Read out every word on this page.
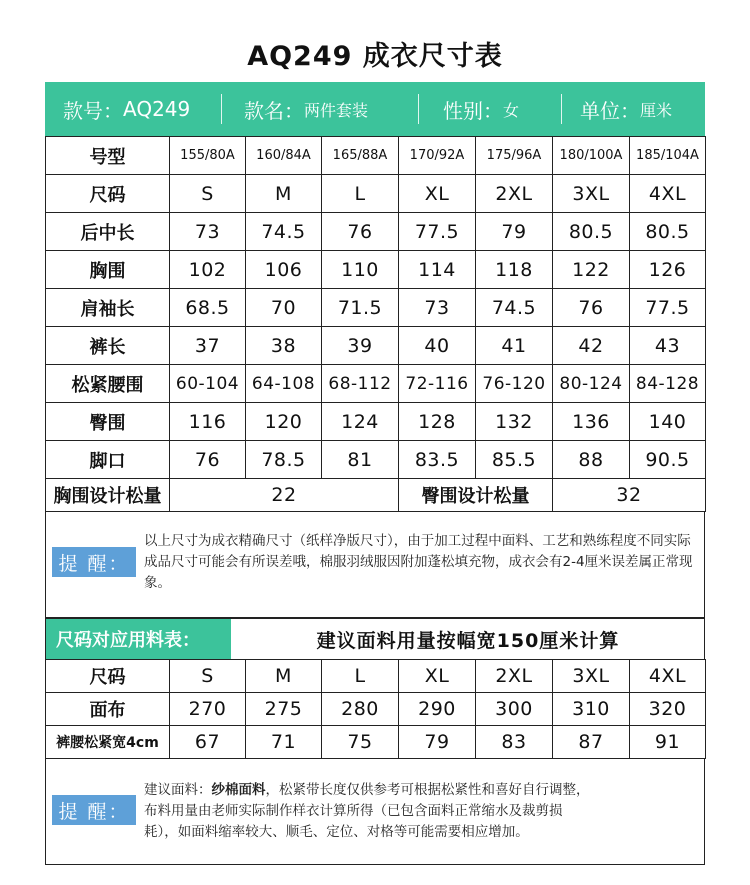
AQ249 成衣尺寸表
款号： AQ249	款名： 两件套装	性别： 女	单位： 厘米
号型	155/80A	160/84A	165/88A	170/92A	175/96A	180/100A	185/104A
尺码	S	M	L	XL	2XL	3XL	4XL
后中长	73	74.5	76	77.5	79	80.5	80.5
胸围	102	106	110	114	118	122	126
肩袖长	68.5	70	71.5	73	74.5	76	77.5
裤长	37	38	39	40	41	42	43
松紧腰围	60-104	64-108	68-112	72-116	76-120	80-124	84-128
臀围	116	120	124	128	132	136	140
脚口	76	78.5	81	83.5	85.5	88	90.5
胸围设计松量	22			臀围设计松量		32	
提 醒：

以上尺寸为成衣精确尺寸（纸样净版尺寸），由于加工过程中面料、工艺和熟练程度不同实际成品尺寸可能会有所误差哦，棉服羽绒服因附加蓬松填充物，成衣会有2-4厘米误差属正常现象。

尺码对应用料表：	建议面料用量按幅宽150厘米计算
尺码	S	M	L	XL	2XL	3XL	4XL
面布	270	275	280	290	300	310	320
裤腰松紧宽4cm	67	71	75	79	83	87	91
提 醒：

建议面料：纱棉面料，松紧带长度仅供参考可根据松紧性和喜好自行调整，
布料用量由老师实际制作样衣计算所得（已包含面料正常缩水及裁剪损
耗），如面料缩率较大、顺毛、定位、对格等可能需要相应增加。
